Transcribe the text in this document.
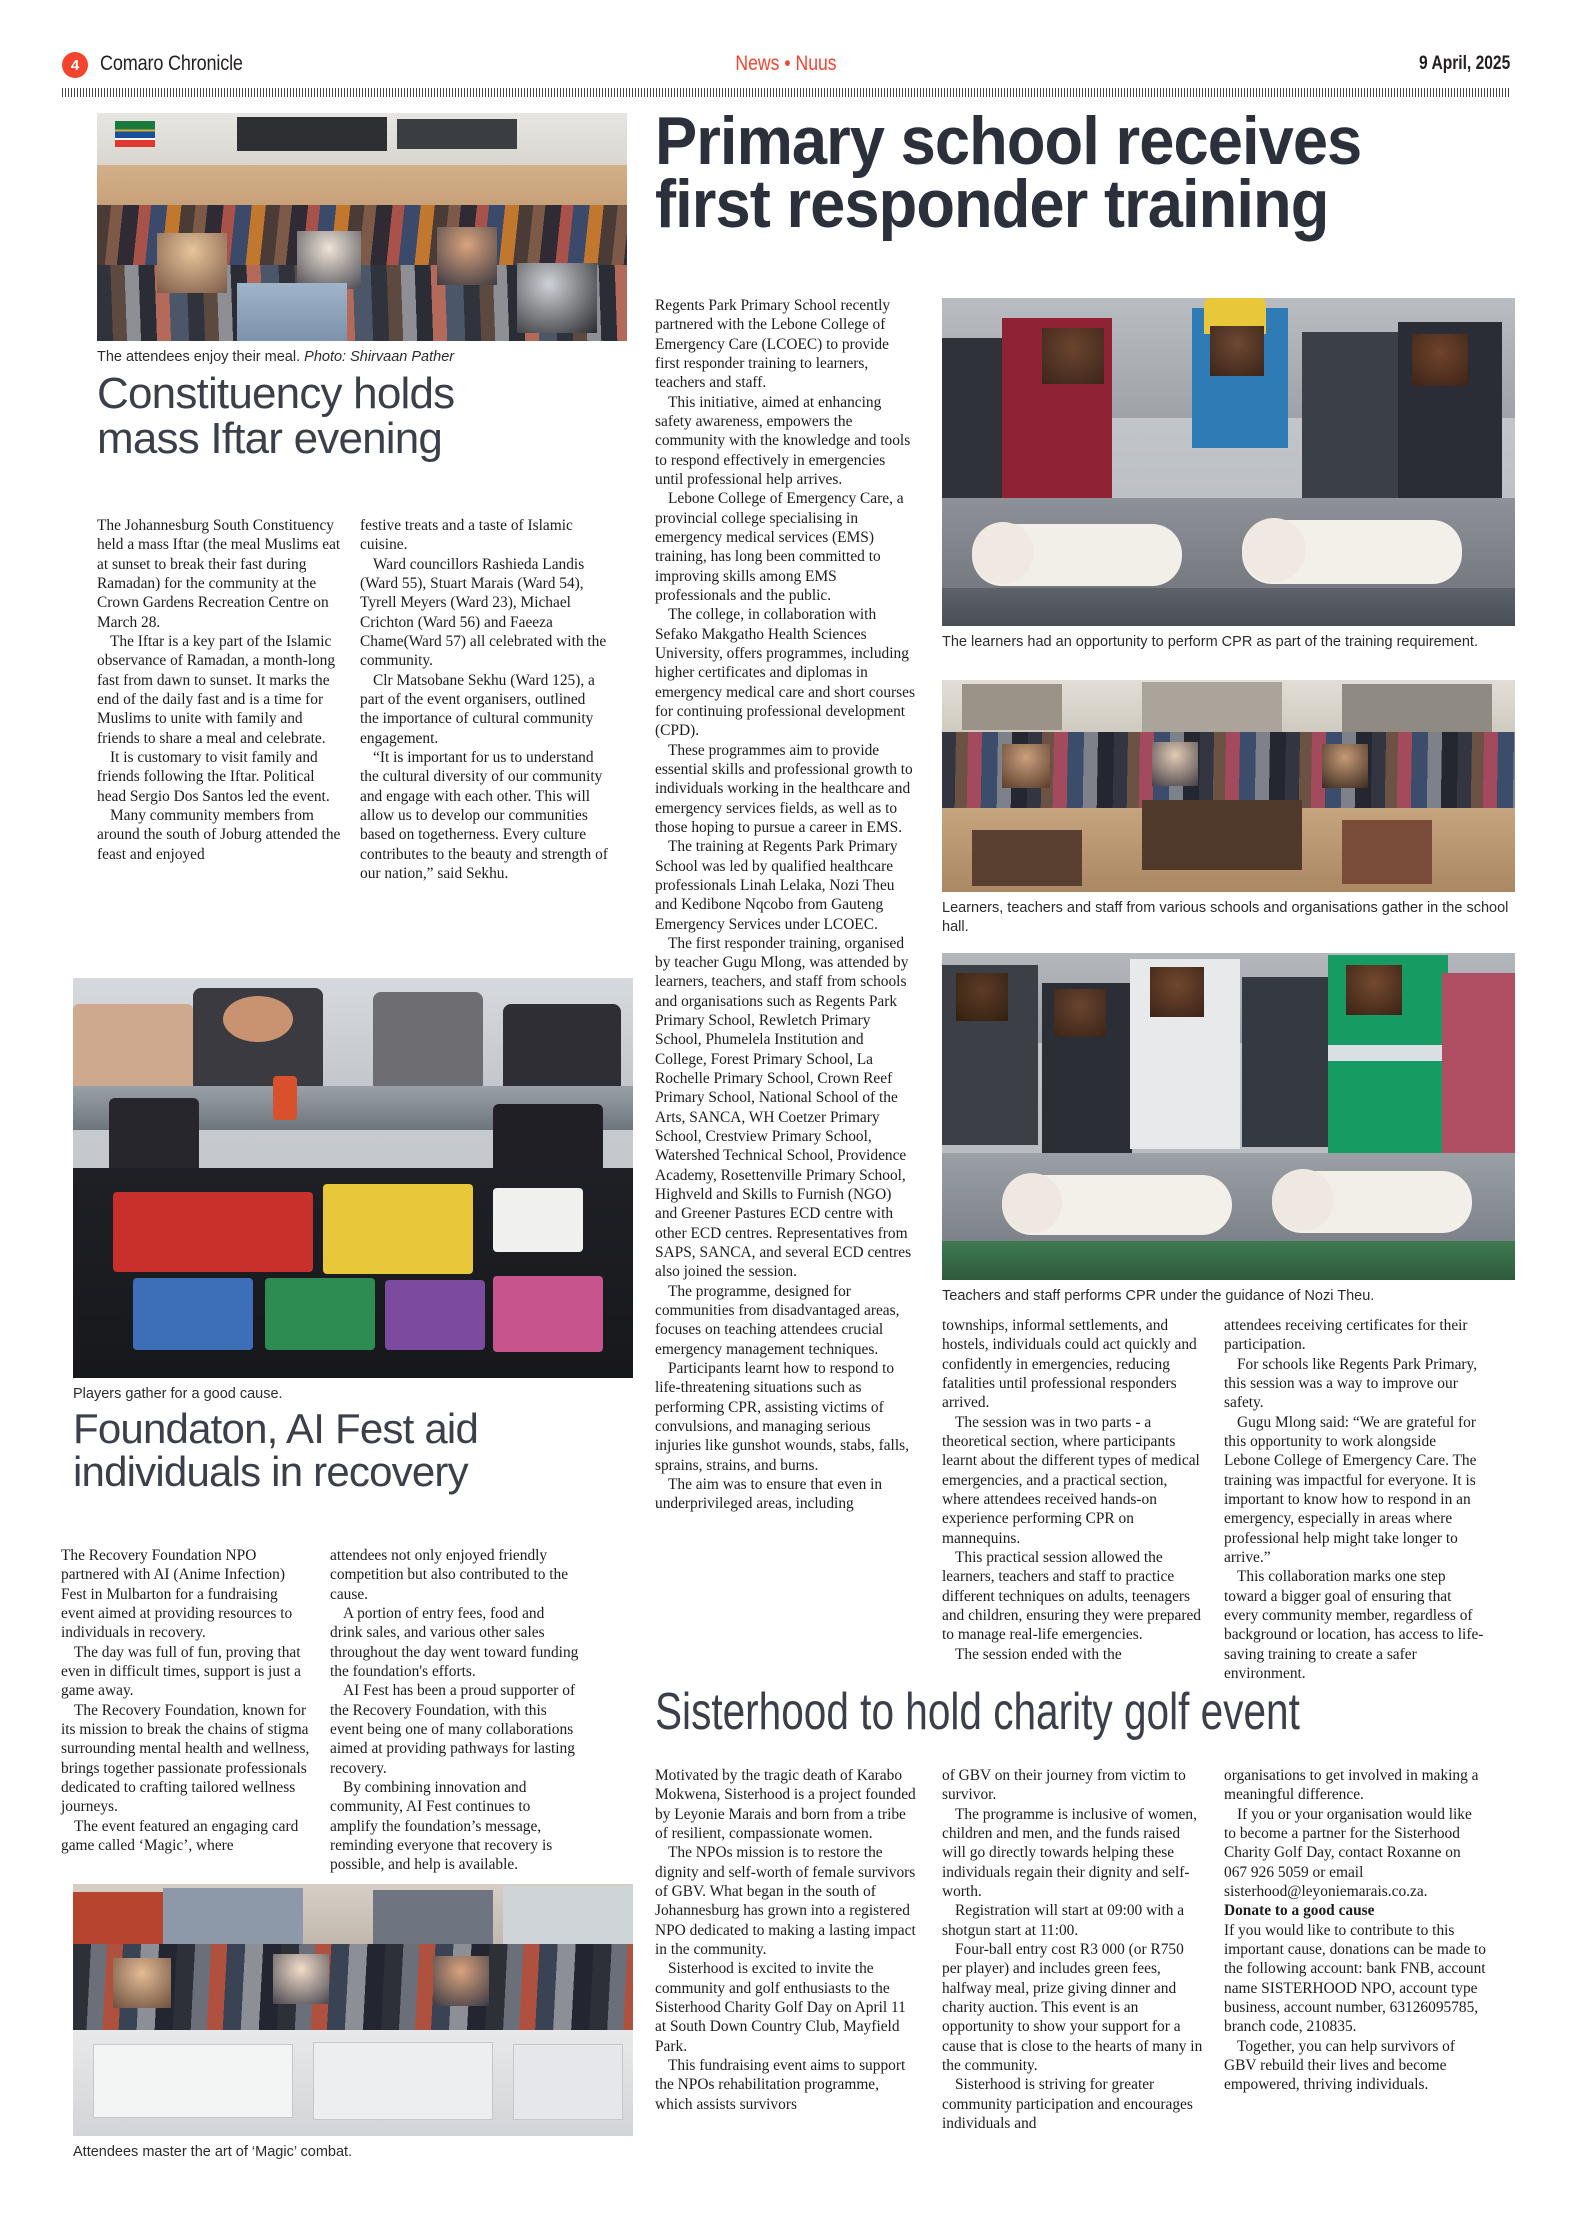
4 Comaro Chronicle	News • Nuus	9 April, 2025
The attendees enjoy their meal. Photo: Shirvaan Pather
Constituency holds
mass Iftar evening

The Johannesburg South Constituency held a mass Iftar (the meal Muslims eat at sunset to break their fast during Ramadan) for the community at the Crown Gardens Recreation Centre on March 28.

The Iftar is a key part of the Islamic observance of Ramadan, a month-long fast from dawn to sunset. It marks the end of the daily fast and is a time for Muslims to unite with family and friends to share a meal and celebrate.

It is customary to visit family and friends following the Iftar. Political head Sergio Dos Santos led the event.

Many community members from around the south of Joburg attended the feast and enjoyed

festive treats and a taste of Islamic cuisine.

Ward councillors Rashieda Landis (Ward 55), Stuart Marais (Ward 54), Tyrell Meyers (Ward 23), Michael Crichton (Ward 56) and Faeeza Chame(Ward 57) all celebrated with the community.

Clr Matsobane Sekhu (Ward 125), a part of the event organisers, outlined the importance of cultural community engagement.

“It is important for us to understand the cultural diversity of our community and engage with each other. This will allow us to develop our communities based on togetherness. Every culture contributes to the beauty and strength of our nation,” said Sekhu.

Players gather for a good cause.
Foundaton, AI Fest aid
individuals in recovery

The Recovery Foundation NPO partnered with AI (Anime Infection) Fest in Mulbarton for a fundraising event aimed at providing resources to individuals in recovery.

The day was full of fun, proving that even in difficult times, support is just a game away.

The Recovery Foundation, known for its mission to break the chains of stigma surrounding mental health and wellness, brings together passionate professionals dedicated to crafting tailored wellness journeys.

The event featured an engaging card game called ‘Magic’, where

attendees not only enjoyed friendly competition but also contributed to the cause.

A portion of entry fees, food and drink sales, and various other sales throughout the day went toward funding the foundation's efforts.

AI Fest has been a proud supporter of the Recovery Foundation, with this event being one of many collaborations aimed at providing pathways for lasting recovery.

By combining innovation and community, AI Fest continues to amplify the foundation’s message, reminding everyone that recovery is possible, and help is available.

Attendees master the art of ‘Magic’ combat.
Primary school receives
first responder training

Regents Park Primary School recently partnered with the Lebone College of Emergency Care (LCOEC) to provide first responder training to learners, teachers and staff.

This initiative, aimed at enhancing safety awareness, empowers the community with the knowledge and tools to respond effectively in emergencies until professional help arrives.

Lebone College of Emergency Care, a provincial college specialising in emergency medical services (EMS) training, has long been committed to improving skills among EMS professionals and the public.

The college, in collaboration with Sefako Makgatho Health Sciences University, offers programmes, including higher certificates and diplomas in emergency medical care and short courses for continuing professional development (CPD).

These programmes aim to provide essential skills and professional growth to individuals working in the healthcare and emergency services fields, as well as to those hoping to pursue a career in EMS.

The training at Regents Park Primary School was led by qualified healthcare professionals Linah Lelaka, Nozi Theu and Kedibone Nqcobo from Gauteng Emergency Services under LCOEC.

The first responder training, organised by teacher Gugu Mlong, was attended by learners, teachers, and staff from schools and organisations such as Regents Park Primary School, Rewletch Primary School, Phumelela Institution and College, Forest Primary School, La Rochelle Primary School, Crown Reef Primary School, National School of the Arts, SANCA, WH Coetzer Primary School, Crestview Primary School, Watershed Technical School, Providence Academy, Rosettenville Primary School, Highveld and Skills to Furnish (NGO) and Greener Pastures ECD centre with other ECD centres. Representatives from SAPS, SANCA, and several ECD centres also joined the session.

The programme, designed for communities from disadvantaged areas, focuses on teaching attendees crucial emergency management techniques.

Participants learnt how to respond to life-threatening situations such as performing CPR, assisting victims of convulsions, and managing serious injuries like gunshot wounds, stabs, falls, sprains, strains, and burns.

The aim was to ensure that even in underprivileged areas, including

The learners had an opportunity to perform CPR as part of the training requirement.
Learners, teachers and staff from various schools and organisations gather in the school hall.
Teachers and staff performs CPR under the guidance of Nozi Theu.

townships, informal settlements, and hostels, individuals could act quickly and confidently in emergencies, reducing fatalities until professional responders arrived.

The session was in two parts - a theoretical section, where participants learnt about the different types of medical emergencies, and a practical section, where attendees received hands-on experience performing CPR on mannequins.

This practical session allowed the learners, teachers and staff to practice different techniques on adults, teenagers and children, ensuring they were prepared to manage real-life emergencies.

The session ended with the

attendees receiving certificates for their participation.

For schools like Regents Park Primary, this session was a way to improve our safety.

Gugu Mlong said: “We are grateful for this opportunity to work alongside Lebone College of Emergency Care. The training was impactful for everyone. It is important to know how to respond in an emergency, especially in areas where professional help might take longer to arrive.”

This collaboration marks one step toward a bigger goal of ensuring that every community member, regardless of background or location, has access to life-saving training to create a safer environment.

Sisterhood to hold charity golf event

Motivated by the tragic death of Karabo Mokwena, Sisterhood is a project founded by Leyonie Marais and born from a tribe of resilient, compassionate women.

The NPOs mission is to restore the dignity and self-worth of female survivors of GBV. What began in the south of Johannesburg has grown into a registered NPO dedicated to making a lasting impact in the community.

Sisterhood is excited to invite the community and golf enthusiasts to the Sisterhood Charity Golf Day on April 11 at South Down Country Club, Mayfield Park.

This fundraising event aims to support the NPOs rehabilitation programme, which assists survivors

of GBV on their journey from victim to survivor.

The programme is inclusive of women, children and men, and the funds raised will go directly towards helping these individuals regain their dignity and self-worth.

Registration will start at 09:00 with a shotgun start at 11:00.

Four-ball entry cost R3 000 (or R750 per player) and includes green fees, halfway meal, prize giving dinner and charity auction. This event is an opportunity to show your support for a cause that is close to the hearts of many in the community.

Sisterhood is striving for greater community participation and encourages individuals and

organisations to get involved in making a meaningful difference.

If you or your organisation would like to become a partner for the Sisterhood Charity Golf Day, contact Roxanne on 067 926 5059 or email sisterhood@leyoniemarais.co.za.

Donate to a good cause

If you would like to contribute to this important cause, donations can be made to the following account: bank FNB, account name SISTERHOOD NPO, account type business, account number, 63126095785, branch code, 210835.

Together, you can help survivors of GBV rebuild their lives and become empowered, thriving individuals.
